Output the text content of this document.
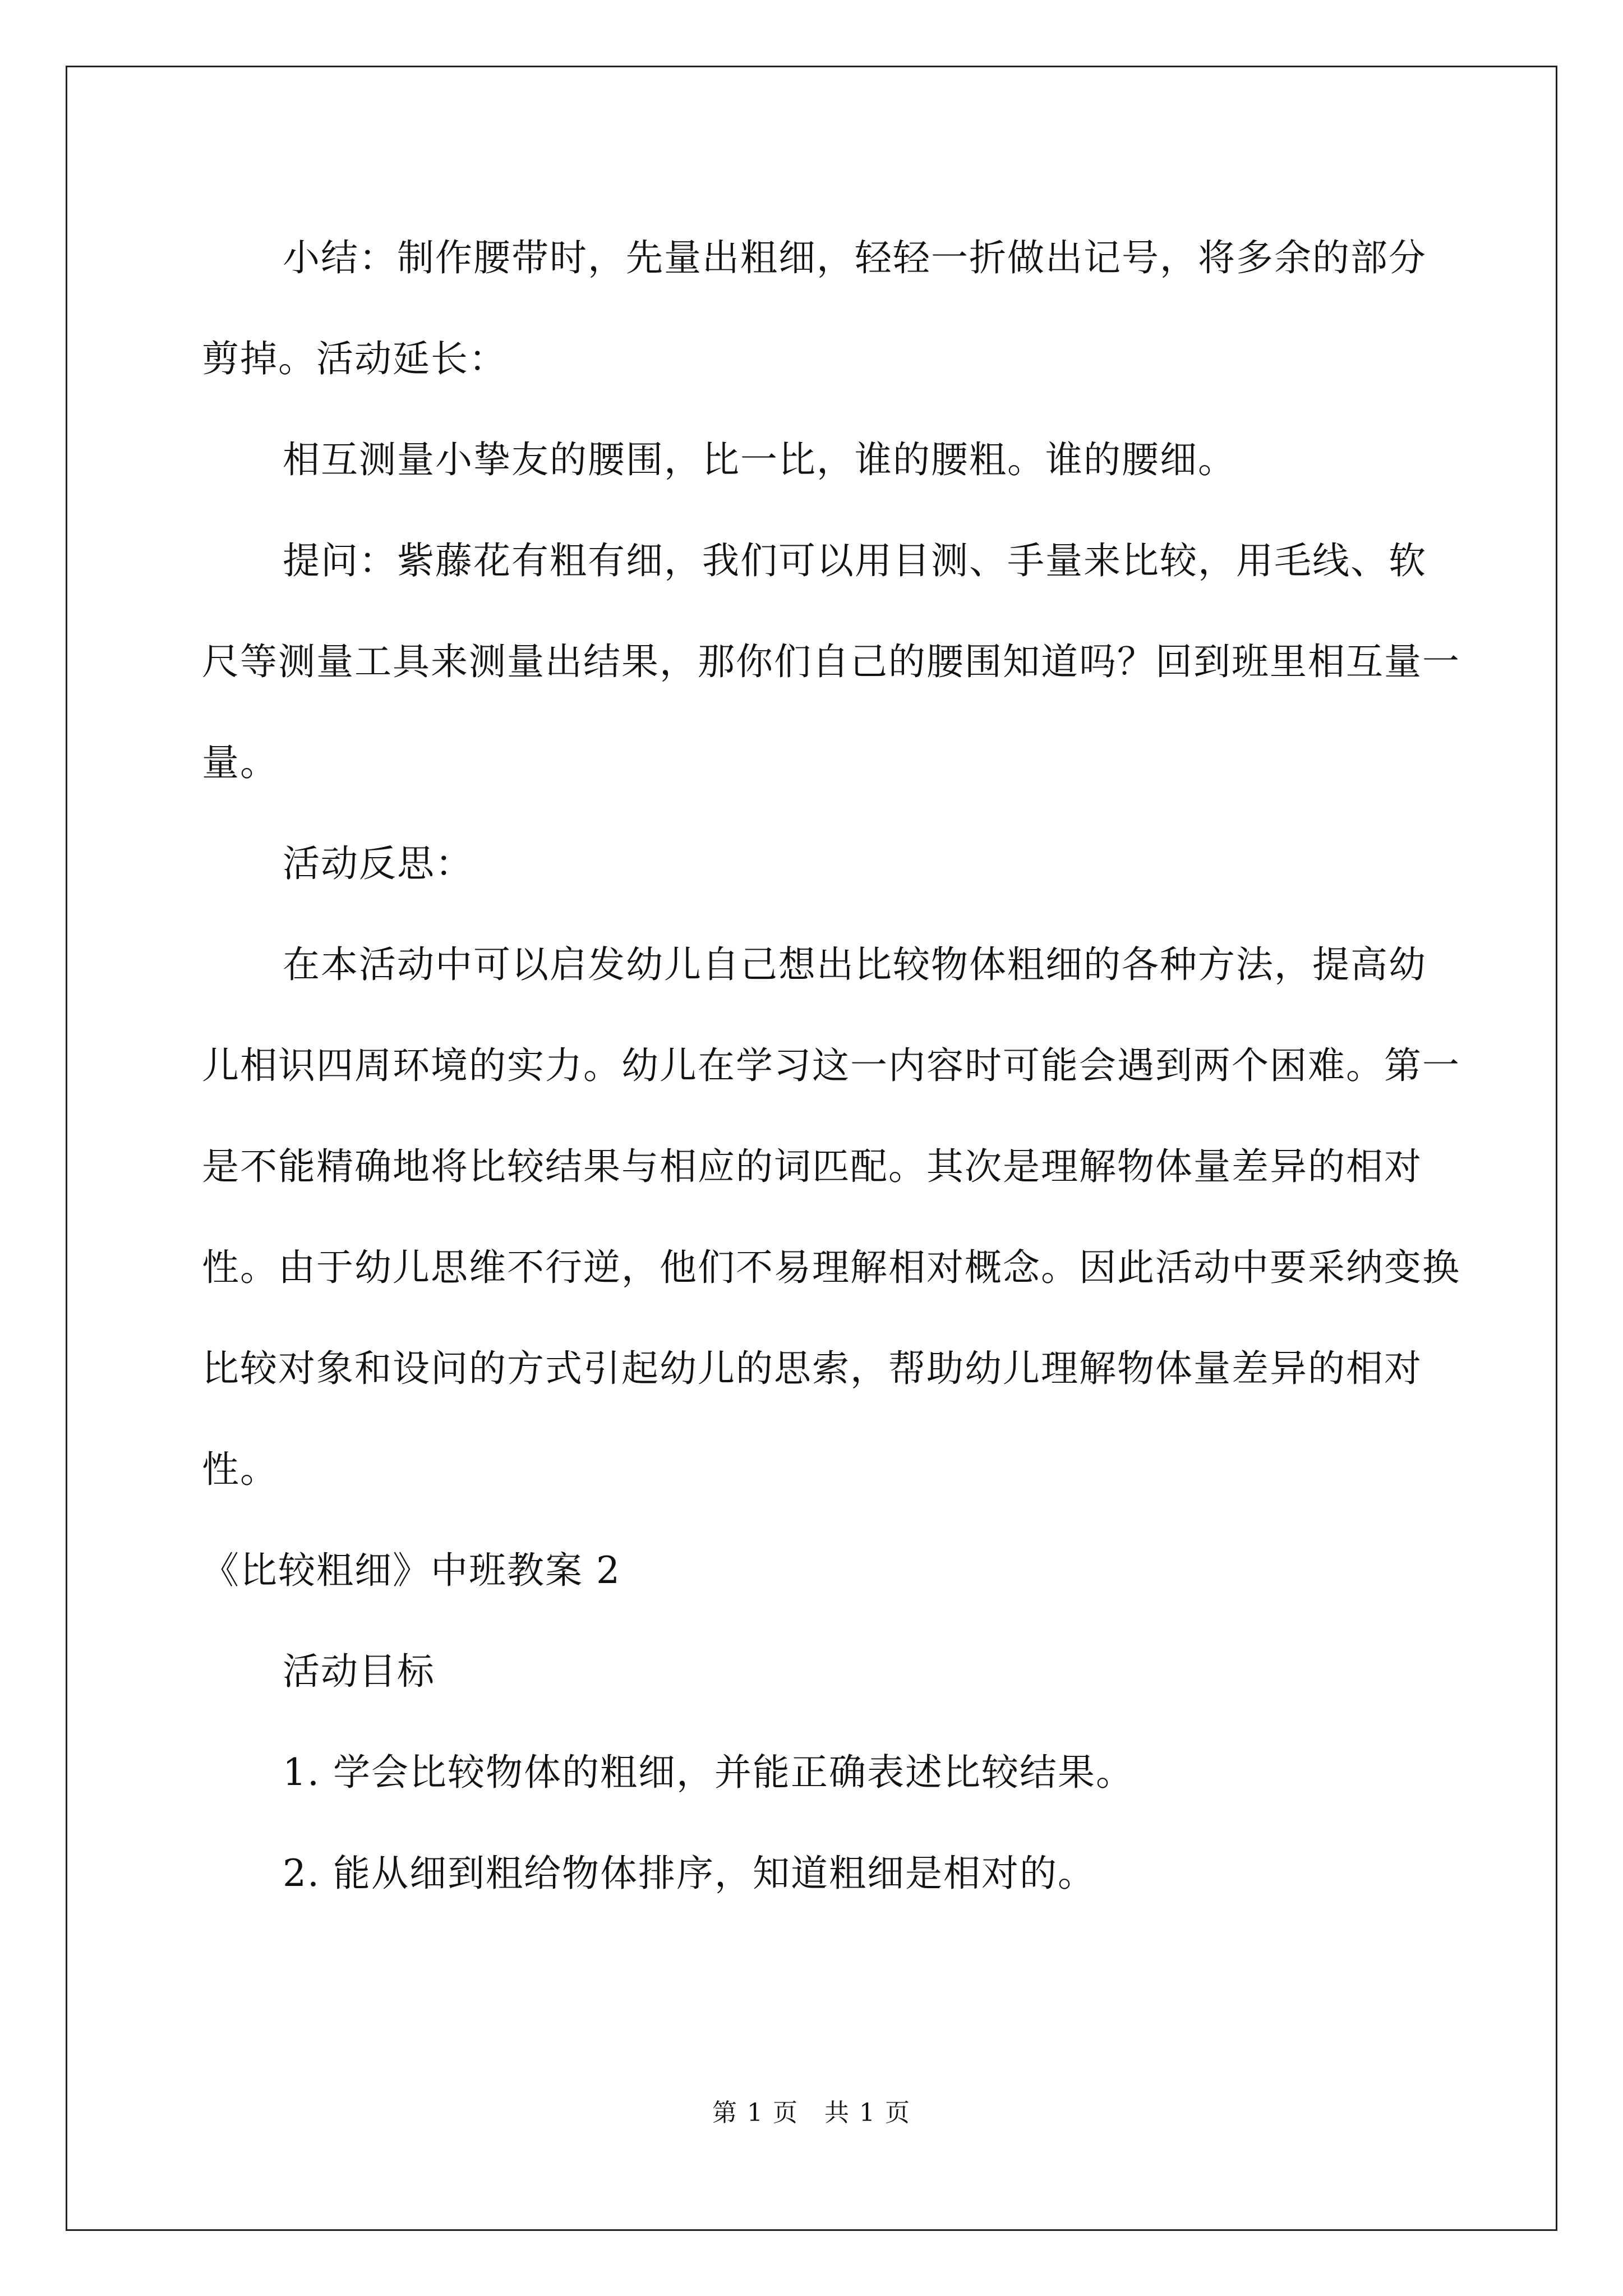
小结：制作腰带时，先量出粗细，轻轻一折做出记号，将多余的部分剪掉。活动延长：

相互测量小挚友的腰围，比一比，谁的腰粗。谁的腰细。

提问：紫藤花有粗有细，我们可以用目测、手量来比较，用毛线、软尺等测量工具来测量出结果，那你们自己的腰围知道吗？回到班里相互量一量。

活动反思：

在本活动中可以启发幼儿自己想出比较物体粗细的各种方法，提高幼儿相识四周环境的实力。幼儿在学习这一内容时可能会遇到两个困难。第一是不能精确地将比较结果与相应的词匹配。其次是理解物体量差异的相对性。由于幼儿思维不行逆，他们不易理解相对概念。因此活动中要采纳变换比较对象和设问的方式引起幼儿的思索，帮助幼儿理解物体量差异的相对性。

《比较粗细》中班教案 2

活动目标

1. 学会比较物体的粗细，并能正确表述比较结果。

2. 能从细到粗给物体排序，知道粗细是相对的。

第 1 页　共 1 页
